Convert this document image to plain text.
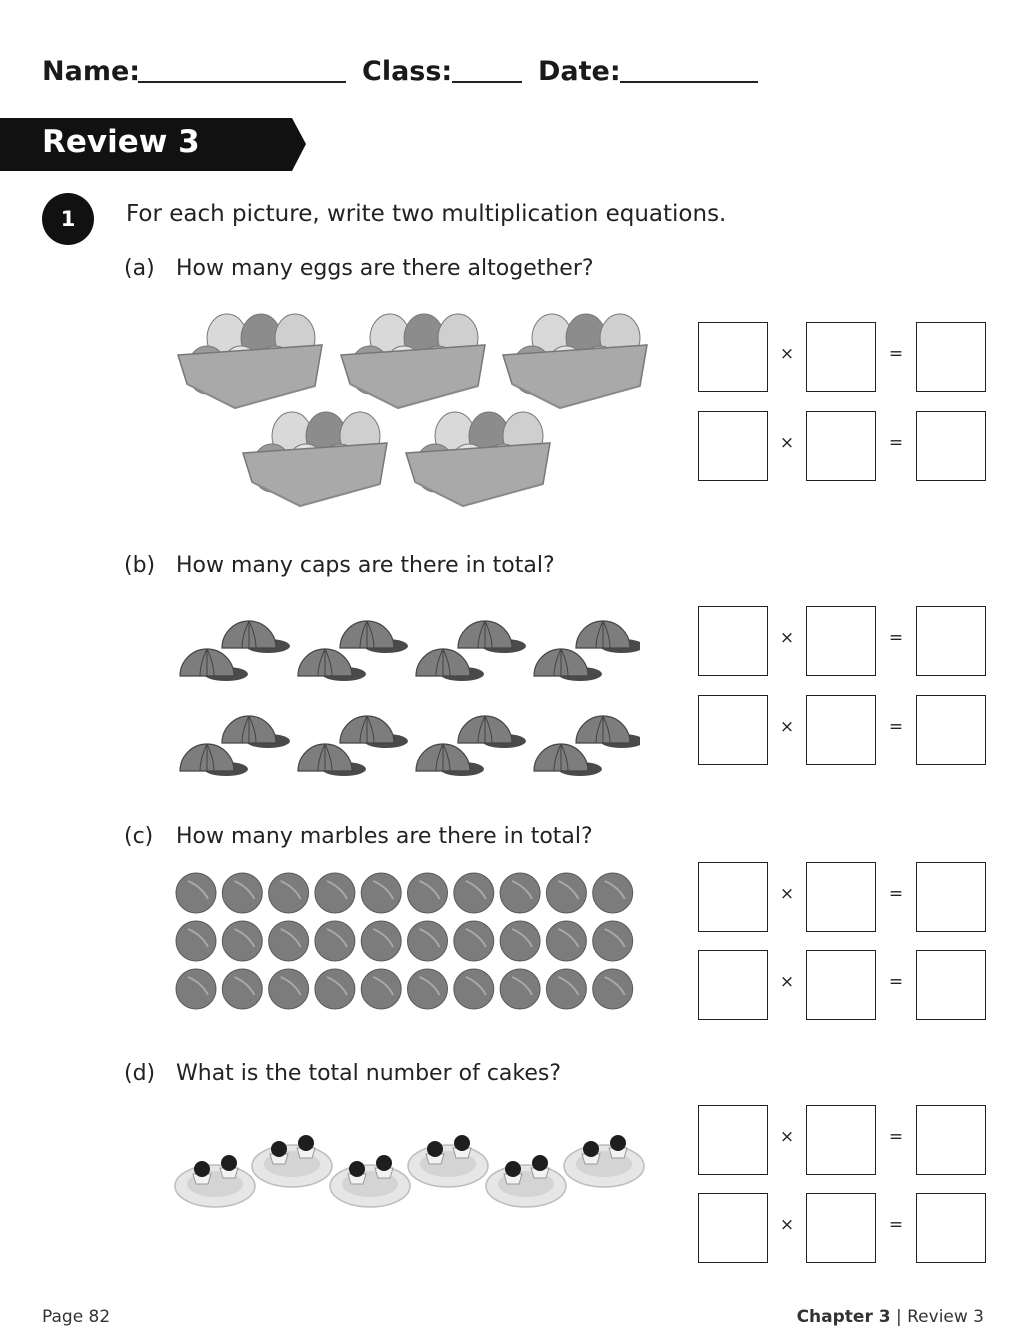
Name:	Class:	Date:
Review 3
1 For each picture, write two multiplication equations.
(a) How many eggs are there altogether?
(b) How many caps are there in total?
(c) How many marbles are there in total?
(d) What is the total number of cakes?
×	=
×	=
×	=
×	=
×	=
×	=
×	=
×	=
Page 82	Chapter 3 | Review 3
